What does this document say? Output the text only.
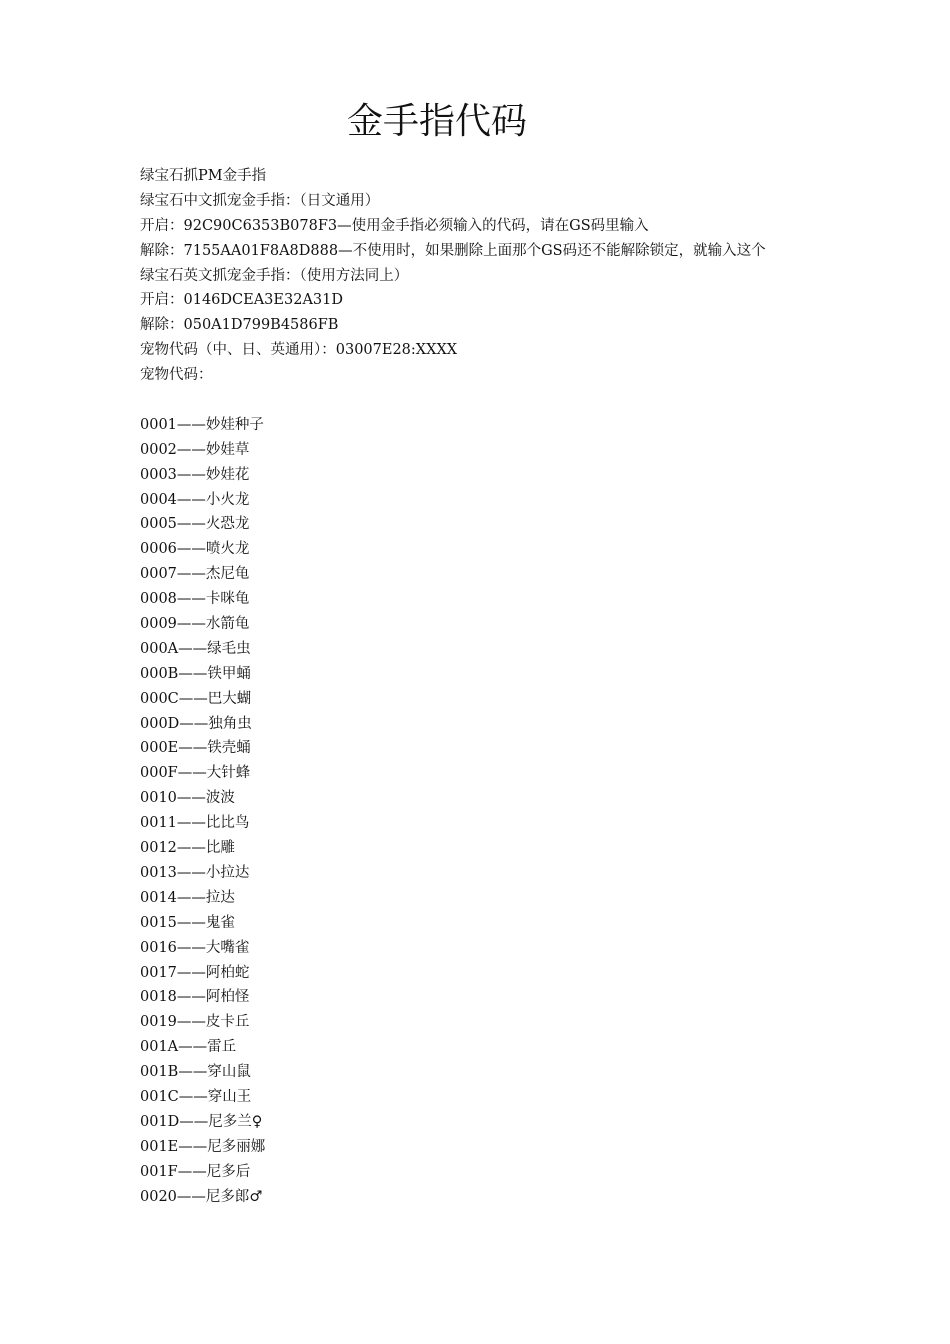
金手指代码
绿宝石抓PM金手指
绿宝石中文抓宠金手指：（日文通用）
开启：92C90C6353B078F3—使用金手指必须输入的代码，请在GS码里输入
解除：7155AA01F8A8D888—不使用时，如果删除上面那个GS码还不能解除锁定，就输入这个
绿宝石英文抓宠金手指：（使用方法同上）
开启：0146DCEA3E32A31D
解除：050A1D799B4586FB
宠物代码（中、日、英通用）：03007E28:XXXX
宠物代码：
0001——妙娃种子
0002——妙娃草
0003——妙娃花
0004——小火龙
0005——火恐龙
0006——喷火龙
0007——杰尼龟
0008——卡咪龟
0009——水箭龟
000A——绿毛虫
000B——铁甲蛹
000C——巴大蝴
000D——独角虫
000E——铁壳蛹
000F——大针蜂
0010——波波
0011——比比鸟
0012——比雕
0013——小拉达
0014——拉达
0015——鬼雀
0016——大嘴雀
0017——阿柏蛇
0018——阿柏怪
0019——皮卡丘
001A——雷丘
001B——穿山鼠
001C——穿山王
001D——尼多兰♀
001E——尼多丽娜
001F——尼多后
0020——尼多郎♂
